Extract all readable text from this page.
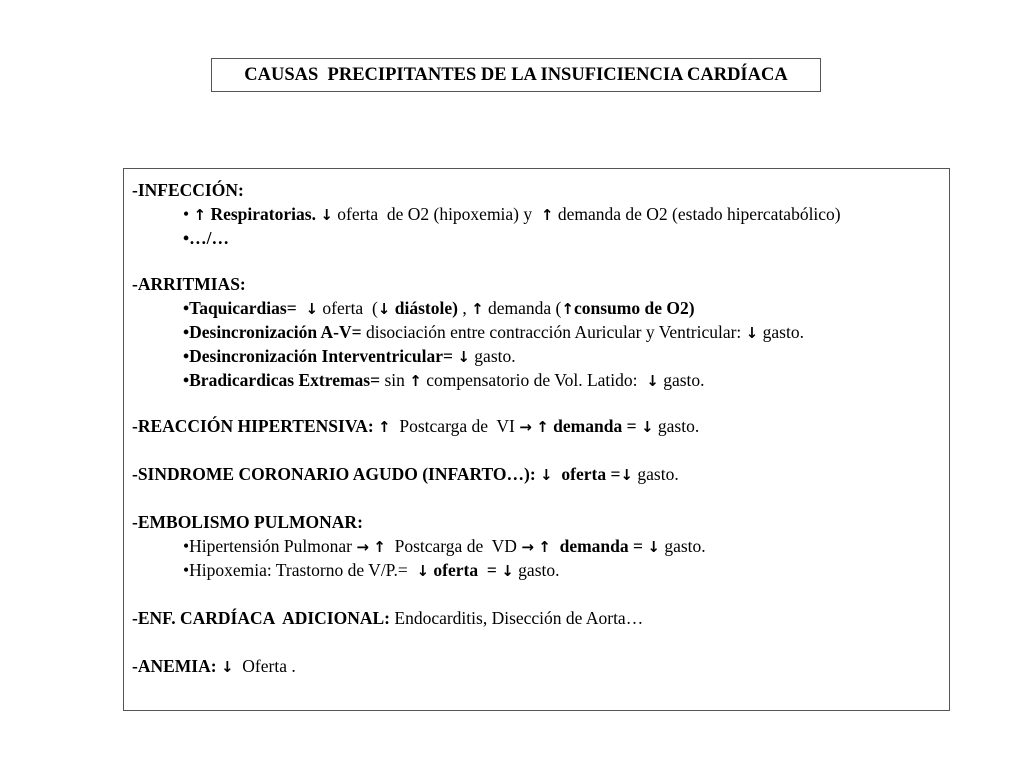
CAUSAS  PRECIPITANTES DE LA INSUFICIENCIA CARDÍACA
-INFECCIÓN:
• ↑ Respiratorias. ↓ oferta  de O2 (hipoxemia) y ↑ demanda de O2 (estado hipercatabólico)
•…/…
-ARRITMIAS:
•Taquicardias= ↓ oferta  (↓ diástole) , ↑ demanda (↑consumo de O2)
•Desincronización A-V= disociación entre contracción Auricular y Ventricular: ↓ gasto.
•Desincronización Interventricular= ↓ gasto.
•Bradicardicas Extremas= sin ↑ compensatorio de Vol. Latido: ↓ gasto.
-REACCIÓN HIPERTENSIVA: ↑ Postcarga de  VI → ↑ demanda = ↓ gasto.
-SINDROME CORONARIO AGUDO (INFARTO…): ↓ oferta =↓ gasto.
-EMBOLISMO PULMONAR:
•Hipertensión Pulmonar → ↑ Postcarga de  VD → ↑ demanda = ↓ gasto.
•Hipoxemia: Trastorno de V/P.= ↓ oferta  = ↓ gasto.
-ENF. CARDÍACA  ADICIONAL: Endocarditis, Disección de Aorta…
-ANEMIA: ↓ Oferta .
